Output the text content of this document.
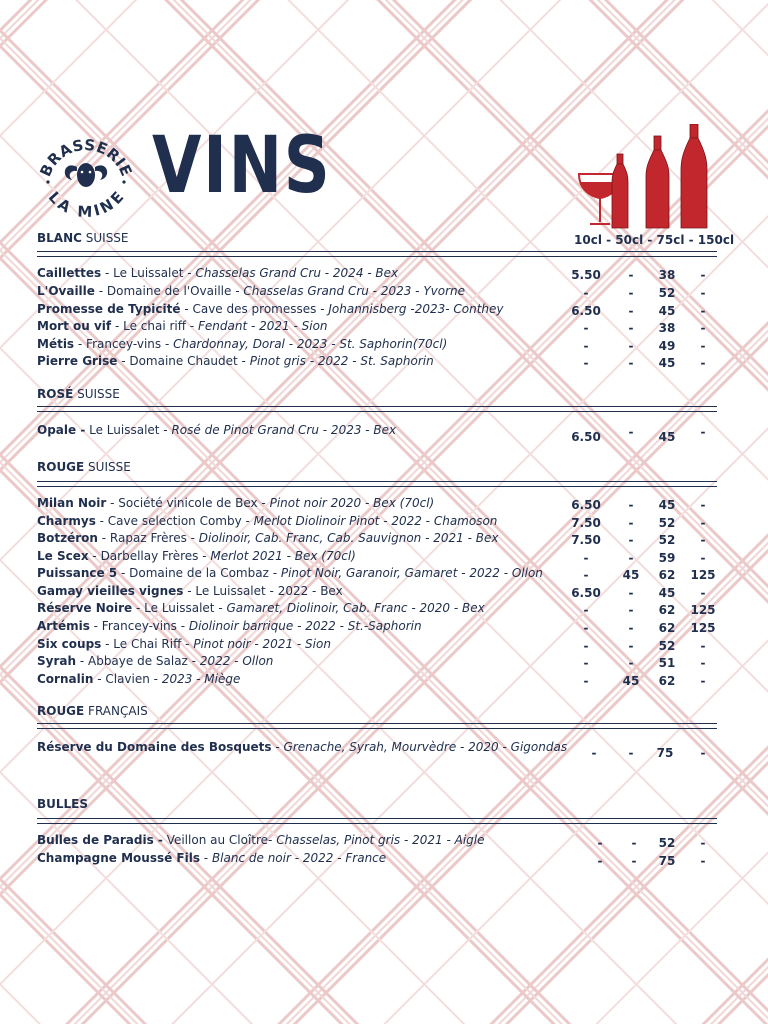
BRASSERIE
LA MINE VINS
10cl - 50cl - 75cl - 150cl
BLANC SUISSE
Caillettes - Le Luissalet - Chasselas Grand Cru - 2024 - Bex	5.50	-	38	-
L'Ovaille - Domaine de l'Ovaille - Chasselas Grand Cru - 2023 - Yvorne	-	-	52	-
Promesse de Typicité - Cave des promesses - Johannisberg -2023- Conthey	6.50	-	45	-
Mort ou vif - Le chai riff - Fendant - 2021 - Sion	-	-	38	-
Métis - Francey-vins - Chardonnay, Doral - 2023 - St. Saphorin(70cl)	-	-	49	-
Pierre Grise - Domaine Chaudet - Pinot gris - 2022 - St. Saphorin	-	-	45	-
ROSÉ SUISSE
Opale - Le Luissalet - Rosé de Pinot Grand Cru - 2023 - Bex	6.50	-	45	-
ROUGE SUISSE
Milan Noir - Société vinicole de Bex - Pinot noir 2020 - Bex (70cl)	6.50	-	45	-
Charmys - Cave selection Comby - Merlot Diolinoir Pinot - 2022 - Chamoson	7.50	-	52	-
Botzéron - Rapaz Frères - Diolinoir, Cab. Franc, Cab. Sauvignon - 2021 - Bex	7.50	-	52	-
Le Scex - Darbellay Frères - Merlot 2021 - Bex (70cl)	-	-	59	-
Puissance 5 - Domaine de la Combaz - Pinot Noir, Garanoir, Gamaret - 2022 - Ollon	-	45	62	125
Gamay vieilles vignes - Le Luissalet - 2022 - Bex	6.50	-	45	-
Réserve Noire - Le Luissalet - Gamaret, Diolinoir, Cab. Franc - 2020 - Bex	-	-	62	125
Artémis - Francey-vins - Diolinoir barrique - 2022 - St.-Saphorin	-	-	62	125
Six coups - Le Chai Riff - Pinot noir - 2021 - Sion	-	-	52	-
Syrah - Abbaye de Salaz - 2022 - Ollon	-	-	51	-
Cornalin - Clavien - 2023 - Miège	-	45	62	-
ROUGE FRANÇAIS
Réserve du Domaine des Bosquets - Grenache, Syrah, Mourvèdre - 2020 - Gigondas	-	-	75	-
BULLES
Bulles de Paradis - Veillon au Cloître- Chasselas, Pinot gris - 2021 - Aigle	-	-	52	-
Champagne Moussé Fils - Blanc de noir - 2022 - France	-	-	75	-
